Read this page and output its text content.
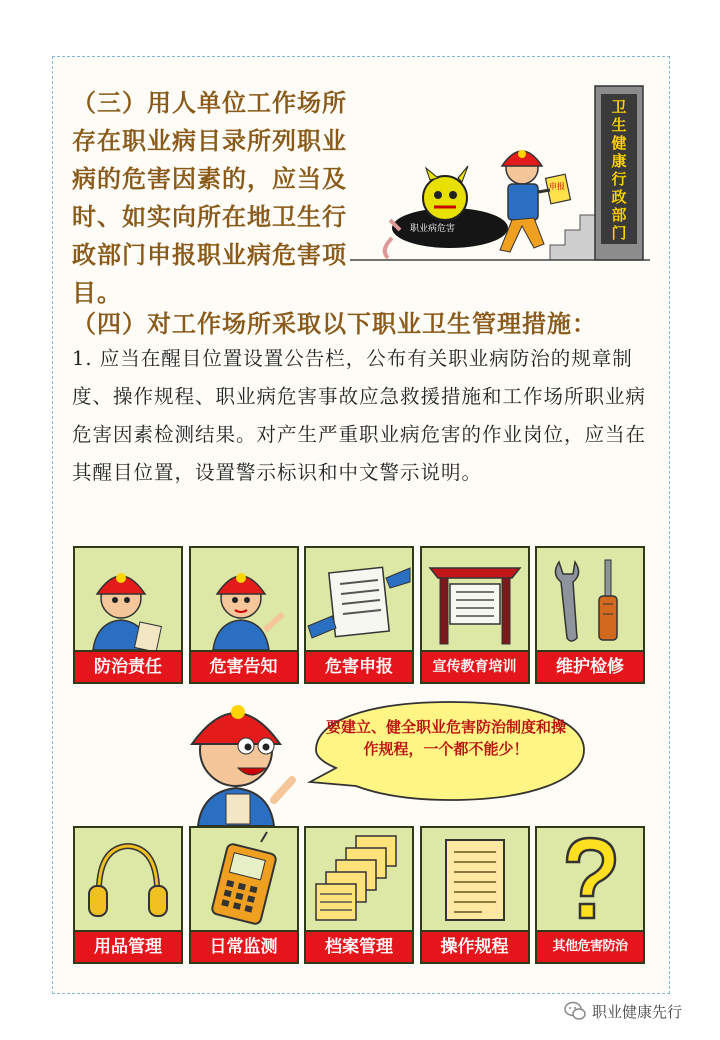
（三）用人单位工作场所存在职业病目录所列职业病的危害因素的，应当及时、如实向所在地卫生行政部门申报职业病危害项目。

卫生健康行政部门
职业病危害
申报

（四）对工作场所采取以下职业卫生管理措施：

1. 应当在醒目位置设置公告栏，公布有关职业病防治的规章制度、操作规程、职业病危害事故应急救援措施和工作场所职业病危害因素检测结果。对产生严重职业病危害的作业岗位，应当在其醒目位置，设置警示标识和中文警示说明。

防治责任	危害告知	危害申报	宣传教育培训	维护检修
要建立、健全职业危害防治制度和操作规程，一个都不能少！
用品管理	日常监测	档案管理	操作规程	其他危害防治
职业健康先行
